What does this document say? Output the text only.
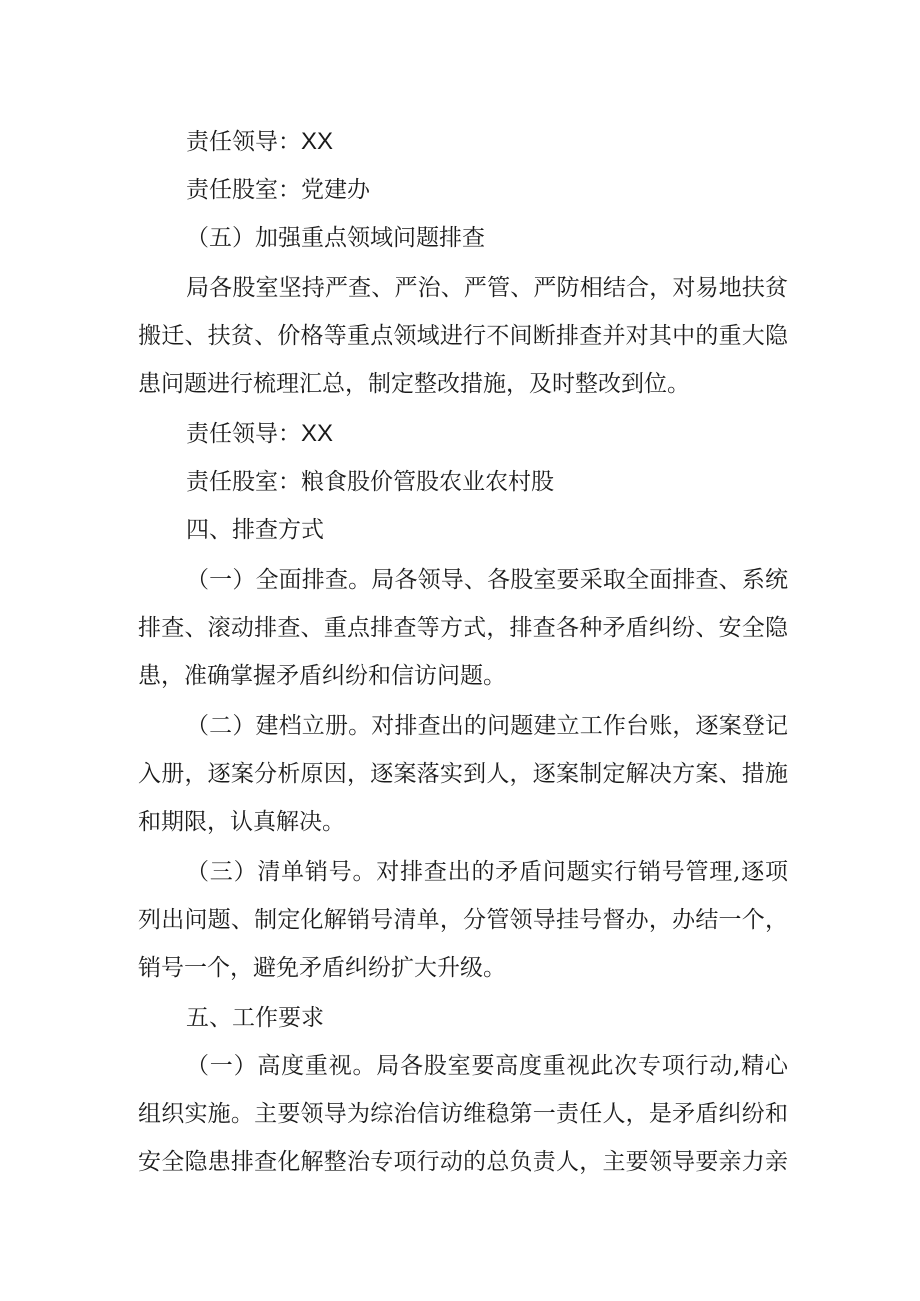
责任领导：XX
责任股室：党建办
（五）加强重点领域问题排查
局各股室坚持严查、严治、严管、严防相结合，对易地扶贫
搬迁、扶贫、价格等重点领域进行不间断排查并对其中的重大隐
患问题进行梳理汇总，制定整改措施，及时整改到位。
责任领导：XX
责任股室：粮食股价管股农业农村股
四、排查方式
（一）全面排查。局各领导、各股室要采取全面排查、系统
排查、滚动排查、重点排查等方式，排查各种矛盾纠纷、安全隐
患，准确掌握矛盾纠纷和信访问题。
（二）建档立册。对排查出的问题建立工作台账，逐案登记
入册，逐案分析原因，逐案落实到人，逐案制定解决方案、措施
和期限，认真解决。
（三）清单销号。对排查出的矛盾问题实行销号管理,逐项
列出问题、制定化解销号清单，分管领导挂号督办，办结一个，
销号一个，避免矛盾纠纷扩大升级。
五、工作要求
（一）高度重视。局各股室要高度重视此次专项行动,精心
组织实施。主要领导为综治信访维稳第一责任人，是矛盾纠纷和
安全隐患排查化解整治专项行动的总负责人，主要领导要亲力亲
